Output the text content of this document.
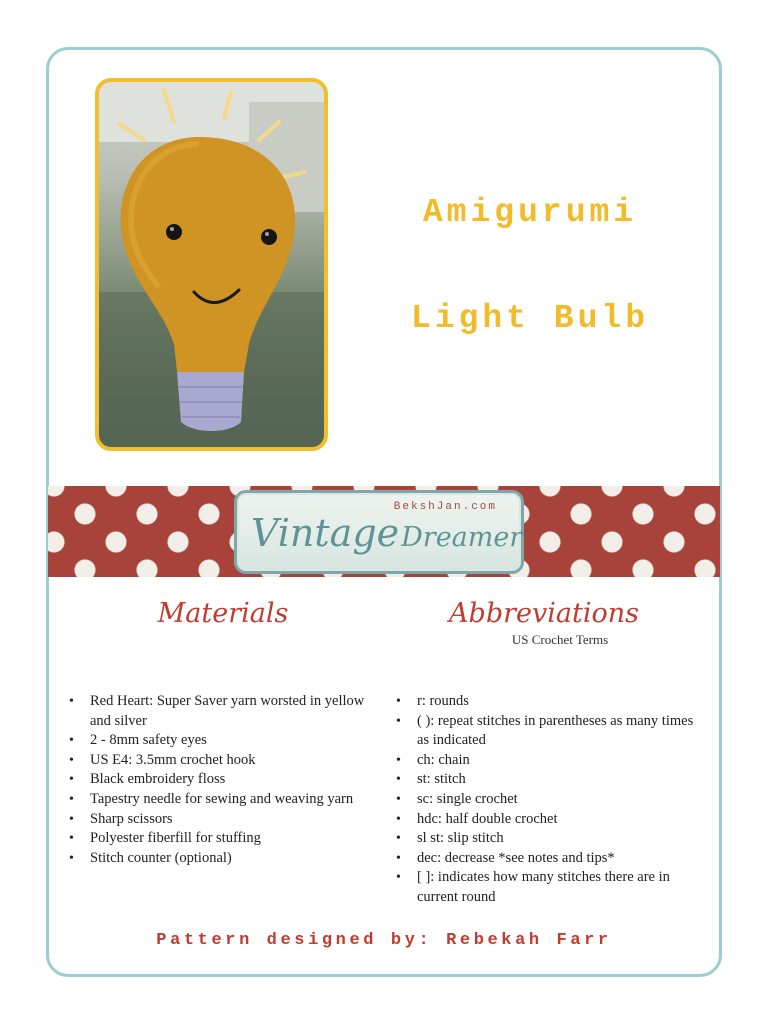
Amigurumi
Light Bulb
BekshJan.com
VintageDreamer
Materials	Abbreviations
US Crochet Terms
• Red Heart: Super Saver yarn worsted in yellow and silver
• 2 - 8mm safety eyes
• US E4: 3.5mm crochet hook
• Black embroidery floss
• Tapestry needle for sewing and weaving yarn
• Sharp scissors
• Polyester fiberfill for stuffing
• Stitch counter (optional)
• r: rounds
• ( ): repeat stitches in parentheses as many times as indicated
• ch: chain
• st: stitch
• sc: single crochet
• hdc: half double crochet
• sl st: slip stitch
• dec: decrease *see notes and tips*
• [ ]: indicates how many stitches there are in current round
Pattern designed by: Rebekah Farr
